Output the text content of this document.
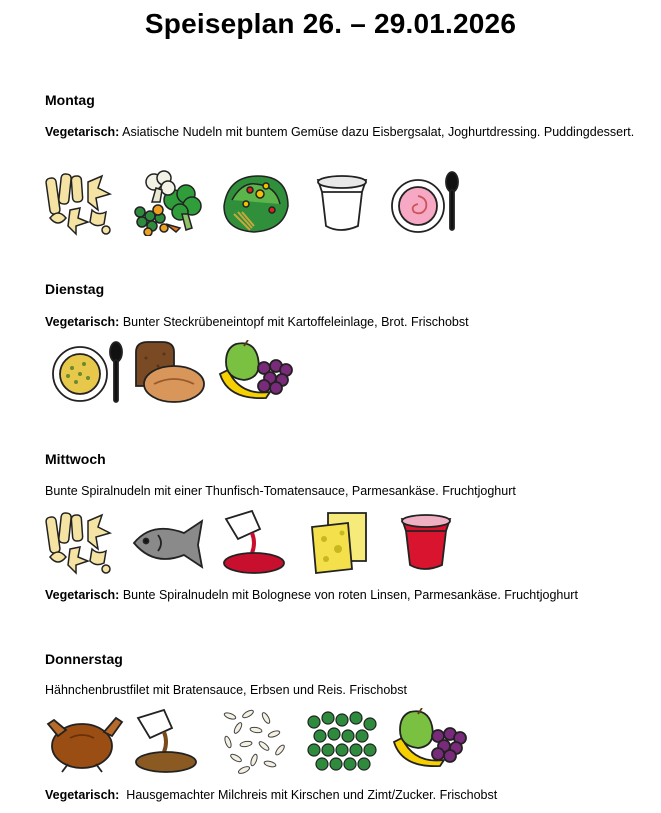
Speiseplan 26. – 29.01.2026
Montag
Vegetarisch: Asiatische Nudeln mit buntem Gemüse dazu Eisbergsalat, Joghurtdressing. Puddingdessert.
Dienstag
Vegetarisch: Bunter Steckrübeneintopf mit Kartoffeleinlage, Brot. Frischobst
Mittwoch
Bunte Spiralnudeln mit einer Thunfisch-Tomatensauce, Parmesankäse. Fruchtjoghurt
Vegetarisch: Bunte Spiralnudeln mit Bolognese von roten Linsen, Parmesankäse. Fruchtjoghurt
Donnerstag
Hähnchenbrustfilet mit Bratensauce, Erbsen und Reis. Frischobst
Vegetarisch:  Hausgemachter Milchreis mit Kirschen und Zimt/Zucker. Frischobst
